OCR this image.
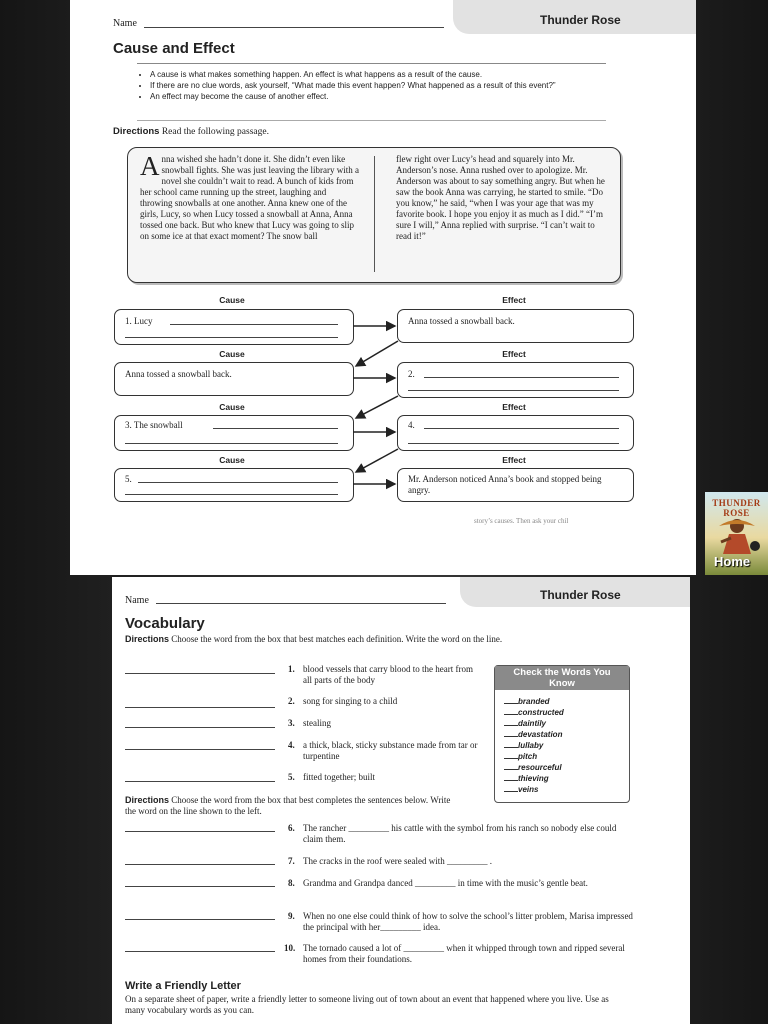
Thunder Rose
Name
Cause and Effect
• A cause is what makes something happen. An effect is what happens as a result of the cause.
• If there are no clue words, ask yourself, “What made this event happen? What happened as a result of this event?”
• An effect may become the cause of another effect.
Directions Read the following passage.
Anna wished she hadn’t done it. She didn’t even like snowball fights. She was just leaving the library with a novel she couldn’t wait to read. A bunch of kids from her school came running up the street, laughing and throwing snowballs at one another. Anna knew one of the girls, Lucy, so when Lucy tossed a snowball at Anna, Anna tossed one back. But who knew that Lucy was going to slip on some ice at that exact moment? The snow ball
flew right over Lucy’s head and squarely into Mr. Anderson’s nose. Anna rushed over to apologize. Mr. Anderson was about to say something angry. But when he saw the book Anna was carrying, he started to smile. “Do you know,” he said, “when I was your age that was my favorite book. I hope you enjoy it as much as I did.” “I’m sure I will,” Anna replied with surprise. “I can’t wait to read it!”
Cause	Effect
1. Lucy	Anna tossed a snowball back.
Cause	Effect
Anna tossed a snowball back.	2.
Cause	Effect
3. The snowball	4.
Cause	Effect
5.	Mr. Anderson noticed Anna’s book and stopped being angry.
story’s causes. Then ask your chil
THUNDER ROSE
Home
Thunder Rose
Name
Vocabulary
Directions Choose the word from the box that best matches each definition. Write the word on the line.
1. blood vessels that carry blood to the heart from all parts of the body
2. song for singing to a child
3. stealing
4. a thick, black, sticky substance made from tar or turpentine
5. fitted together; built
Check the Words You Know
branded
constructed
daintily
devastation
lullaby
pitch
resourceful
thieving
veins
Directions Choose the word from the box that best completes the sentences below. Write the word on the line shown to the left.
6. The rancher _________ his cattle with the symbol from his ranch so nobody else could claim them.
7. The cracks in the roof were sealed with _________ .
8. Grandma and Grandpa danced _________ in time with the music’s gentle beat.
9. When no one else could think of how to solve the school’s litter problem, Marisa impressed the principal with her_________ idea.
10. The tornado caused a lot of _________ when it whipped through town and ripped several homes from their foundations.
Write a Friendly Letter
On a separate sheet of paper, write a friendly letter to someone living out of town about an event that happened where you live. Use as many vocabulary words as you can.
